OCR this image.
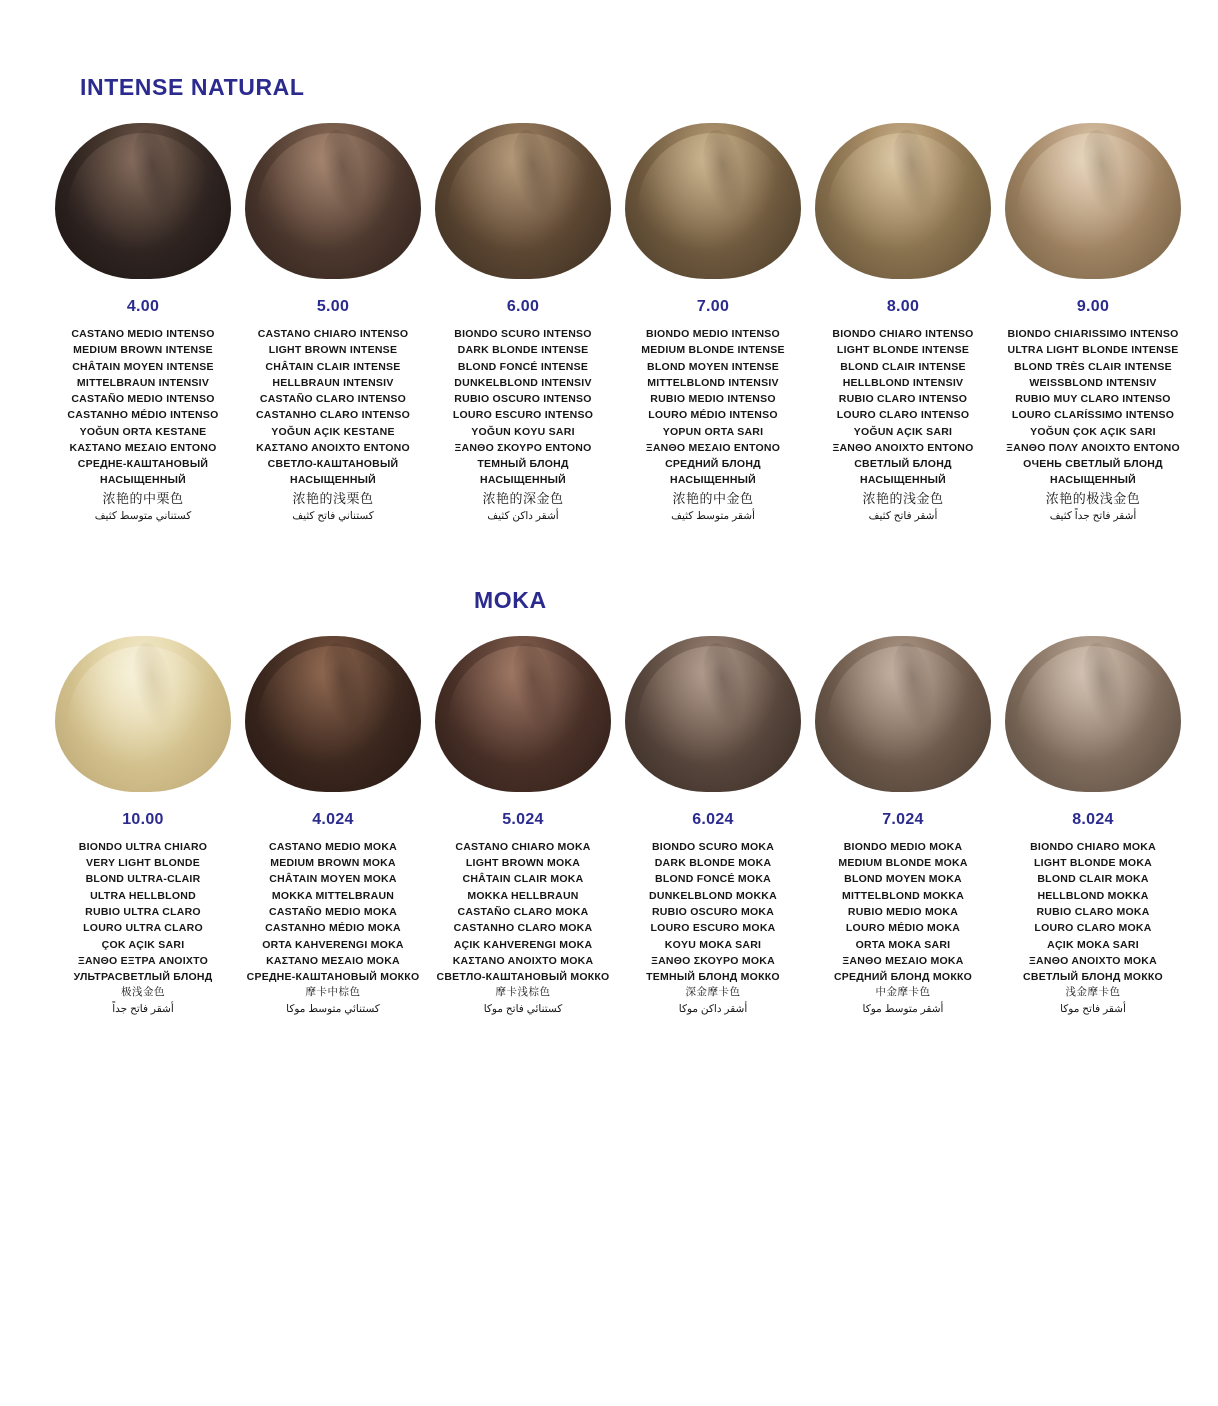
INTENSE NATURAL
4.00
CASTANO MEDIO INTENSO
MEDIUM BROWN INTENSE
CHÂTAIN MOYEN INTENSE
MITTELBRAUN INTENSIV
CASTAÑO MEDIO INTENSO
CASTANHO MÉDIO INTENSO
YOĞUN ORTA KESTANE
ΚΑΣΤΑΝΟ ΜΕΣΑΙΟ ΕΝΤΟΝΟ
СРЕДНЕ-КАШТАНОВЫЙ НАСЫЩЕННЫЙ
浓艳的中栗色
كستناني متوسط كثيف
5.00
CASTANO CHIARO INTENSO
LIGHT BROWN INTENSE
CHÂTAIN CLAIR INTENSE
HELLBRAUN INTENSIV
CASTAÑO CLARO INTENSO
CASTANHO CLARO INTENSO
YOĞUN AÇIK KESTANE
ΚΑΣΤΑΝΟ ΑΝΟΙΧΤΟ ΕΝΤΟΝΟ
СВЕТЛО-КАШТАНОВЫЙ НАСЫЩЕННЫЙ
浓艳的浅栗色
كستناني فاتح كثيف
6.00
BIONDO SCURO INTENSO
DARK BLONDE INTENSE
BLOND FONCÉ INTENSE
DUNKELBLOND INTENSIV
RUBIO OSCURO INTENSO
LOURO ESCURO INTENSO
YOĞUN KOYU SARI
ΞΑΝΘΟ ΣΚΟΥΡΟ ΕΝΤΟΝΟ
ТЕМНЫЙ БЛОНД НАСЫЩЕННЫЙ
浓艳的深金色
أشقر داكن كثيف
7.00
BIONDO MEDIO INTENSO
MEDIUM BLONDE INTENSE
BLOND MOYEN INTENSE
MITTELBLOND INTENSIV
RUBIO MEDIO INTENSO
LOURO MÉDIO INTENSO
YOPUN ORTA SARI
ΞΑΝΘΟ ΜΕΣΑΙΟ ΕΝΤΟΝΟ
СРЕДНИЙ БЛОНД НАСЫЩЕННЫЙ
浓艳的中金色
أشقر متوسط كثيف
8.00
BIONDO CHIARO INTENSO
LIGHT BLONDE INTENSE
BLOND CLAIR INTENSE
HELLBLOND INTENSIV
RUBIO CLARO INTENSO
LOURO CLARO INTENSO
YOĞUN AÇIK SARI
ΞΑΝΘΟ ΑΝΟΙΧΤΟ ΕΝΤΟΝΟ
СВЕТЛЫЙ БЛОНД НАСЫЩЕННЫЙ
浓艳的浅金色
أشقر فاتح كثيف
9.00
BIONDO CHIARISSIMO INTENSO
ULTRA LIGHT BLONDE INTENSE
BLOND TRÈS CLAIR INTENSE
WEISSBLOND INTENSIV
RUBIO MUY CLARO INTENSO
LOURO CLARÍSSIMO INTENSO
YOĞUN ÇOK AÇIK SARI
ΞΑΝΘΟ ΠΟΛΥ ΑΝΟΙΧΤΟ ΕΝΤΟΝΟ
ОЧЕНЬ СВЕТЛЫЙ БЛОНД НАСЫЩЕННЫЙ
浓艳的极浅金色
أشقر فاتح جداً كثيف
MOKA
10.00
BIONDO ULTRA CHIARO
VERY LIGHT BLONDE
BLOND ULTRA-CLAIR
ULTRA HELLBLOND
RUBIO ULTRA CLARO
LOURO ULTRA CLARO
ÇOK AÇIK SARI
ΞΑΝΘΟ ΕΞΤΡΑ ΑΝΟΙΧΤΟ
УЛЬТРАСВЕТЛЫЙ БЛОНД
极浅金色
أشقر فاتح جداً
4.024
CASTANO MEDIO MOKA
MEDIUM BROWN MOKA
CHÂTAIN MOYEN MOKA
MOKKA MITTELBRAUN
CASTAÑO MEDIO MOKA
CASTANHO MÉDIO MOKA
ORTA KAHVERENGI MOKA
ΚΑΣΤΑΝΟ ΜΕΣΑΙΟ ΜΟΚΑ
СРЕДНЕ-КАШТАНОВЫЙ МОККО
摩卡中棕色
كستنائي متوسط موكا
5.024
CASTANO CHIARO MOKA
LIGHT BROWN MOKA
CHÂTAIN CLAIR MOKA
MOKKA HELLBRAUN
CASTAÑO CLARO MOKA
CASTANHO CLARO MOKA
AÇIK KAHVERENGI MOKA
ΚΑΣΤΑΝΟ ΑΝΟΙΧΤΟ ΜΟΚΑ
СВЕТЛО-КАШТАНОВЫЙ МОККО
摩卡浅棕色
كستنائي فاتح موكا
6.024
BIONDO SCURO MOKA
DARK BLONDE MOKA
BLOND FONCÉ MOKA
DUNKELBLOND MOKKA
RUBIO OSCURO MOKA
LOURO ESCURO MOKA
KOYU MOKA SARI
ΞΑΝΘΟ ΣΚΟΥΡΟ ΜΟΚΑ
ТЕМНЫЙ БЛОНД МОККО
深金摩卡色
أشقر داكن موكا
7.024
BIONDO MEDIO MOKA
MEDIUM BLONDE MOKA
BLOND MOYEN MOKA
MITTELBLOND MOKKA
RUBIO MEDIO MOKA
LOURO MÉDIO MOKA
ORTA MOKA SARI
ΞΑΝΘΟ ΜΕΣΑΙΟ ΜΟΚΑ
СРЕДНИЙ БЛОНД МОККО
中金摩卡色
أشقر متوسط موكا
8.024
BIONDO CHIARO MOKA
LIGHT BLONDE MOKA
BLOND CLAIR MOKA
HELLBLOND MOKKA
RUBIO CLARO MOKA
LOURO CLARO MOKA
AÇIK MOKA SARI
ΞΑΝΘΟ ΑΝΟΙΧΤΟ ΜΟΚΑ
СВЕТЛЫЙ БЛОНД МОККО
浅金摩卡色
أشقر فاتح موكا
